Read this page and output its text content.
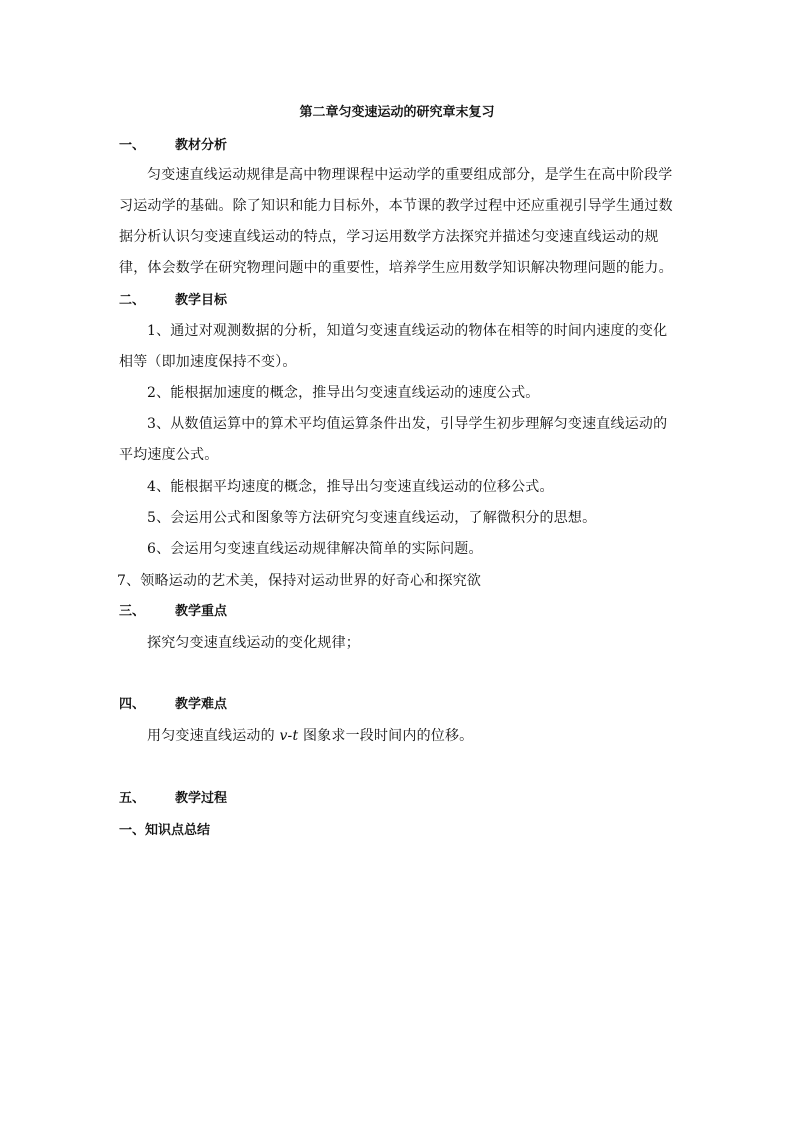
第二章匀变速运动的研究章末复习
一、 教材分析
匀变速直线运动规律是高中物理课程中运动学的重要组成部分，是学生在高中阶段学习运动学的基础。除了知识和能力目标外，本节课的教学过程中还应重视引导学生通过数据分析认识匀变速直线运动的特点，学习运用数学方法探究并描述匀变速直线运动的规律，体会数学在研究物理问题中的重要性，培养学生应用数学知识解决物理问题的能力。
二、 教学目标
1、通过对观测数据的分析，知道匀变速直线运动的物体在相等的时间内速度的变化相等（即加速度保持不变）。
2、能根据加速度的概念，推导出匀变速直线运动的速度公式。
3、从数值运算中的算术平均值运算条件出发，引导学生初步理解匀变速直线运动的平均速度公式。
4、能根据平均速度的概念，推导出匀变速直线运动的位移公式。
5、会运用公式和图象等方法研究匀变速直线运动，了解微积分的思想。
6、会运用匀变速直线运动规律解决简单的实际问题。
7、领略运动的艺术美，保持对运动世界的好奇心和探究欲
三、 教学重点
探究匀变速直线运动的变化规律；
四、 教学难点
用匀变速直线运动的 v-t 图象求一段时间内的位移。
五、 教学过程
一、知识点总结
